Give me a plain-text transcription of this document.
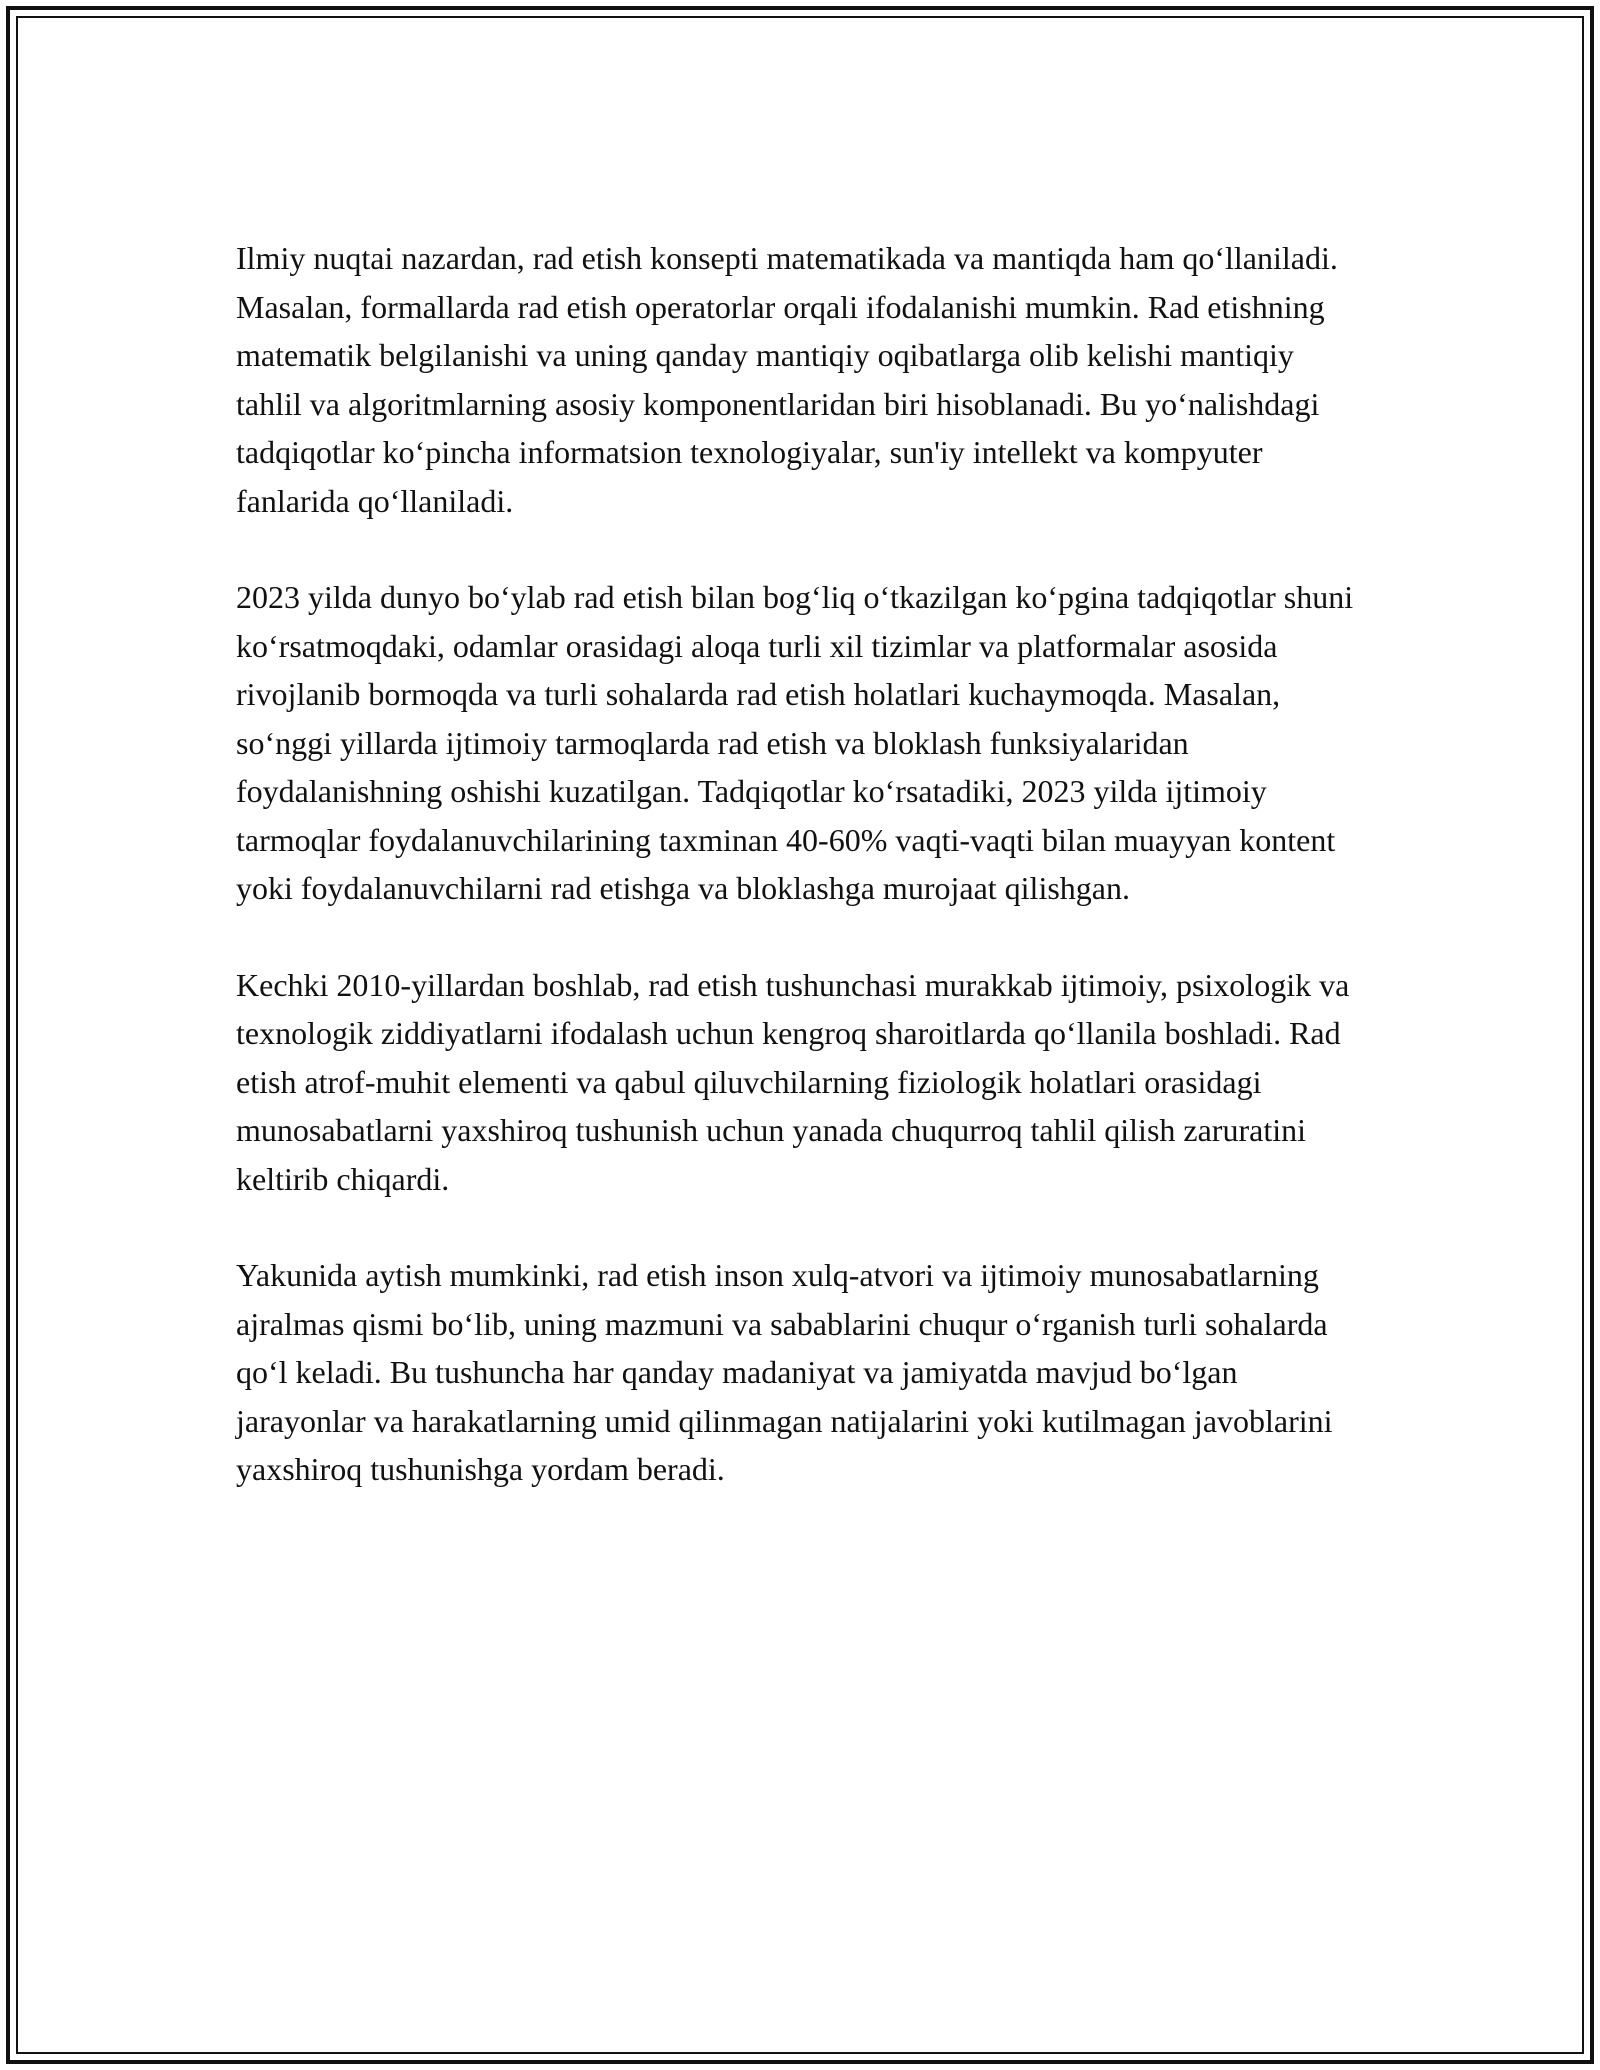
Ilmiy nuqtai nazardan, rad etish konsepti matematikada va mantiqda ham qo‘llaniladi. Masalan, formallarda rad etish operatorlar orqali ifodalanishi mumkin. Rad etishning matematik belgilanishi va uning qanday mantiqiy oqibatlarga olib kelishi mantiqiy tahlil va algoritmlarning asosiy komponentlaridan biri hisoblanadi. Bu yo‘nalishdagi tadqiqotlar ko‘pincha informatsion texnologiyalar, sun'iy intellekt va kompyuter fanlarida qo‘llaniladi.

2023 yilda dunyo bo‘ylab rad etish bilan bog‘liq o‘tkazilgan ko‘pgina tadqiqotlar shuni ko‘rsatmoqdaki, odamlar orasidagi aloqa turli xil tizimlar va platformalar asosida rivojlanib bormoqda va turli sohalarda rad etish holatlari kuchaymoqda. Masalan, so‘nggi yillarda ijtimoiy tarmoqlarda rad etish va bloklash funksiyalaridan foydalanishning oshishi kuzatilgan. Tadqiqotlar ko‘rsatadiki, 2023 yilda ijtimoiy tarmoqlar foydalanuvchilarining taxminan 40-60% vaqti-vaqti bilan muayyan kontent yoki foydalanuvchilarni rad etishga va bloklashga murojaat qilishgan.

Kechki 2010-yillardan boshlab, rad etish tushunchasi murakkab ijtimoiy, psixologik va texnologik ziddiyatlarni ifodalash uchun kengroq sharoitlarda qo‘llanila boshladi. Rad etish atrof-muhit elementi va qabul qiluvchilarning fiziologik holatlari orasidagi munosabatlarni yaxshiroq tushunish uchun yanada chuqurroq tahlil qilish zaruratini keltirib chiqardi.

Yakunida aytish mumkinki, rad etish inson xulq-atvori va ijtimoiy munosabatlarning ajralmas qismi bo‘lib, uning mazmuni va sabablarini chuqur o‘rganish turli sohalarda qo‘l keladi. Bu tushuncha har qanday madaniyat va jamiyatda mavjud bo‘lgan jarayonlar va harakatlarning umid qilinmagan natijalarini yoki kutilmagan javoblarini yaxshiroq tushunishga yordam beradi.
